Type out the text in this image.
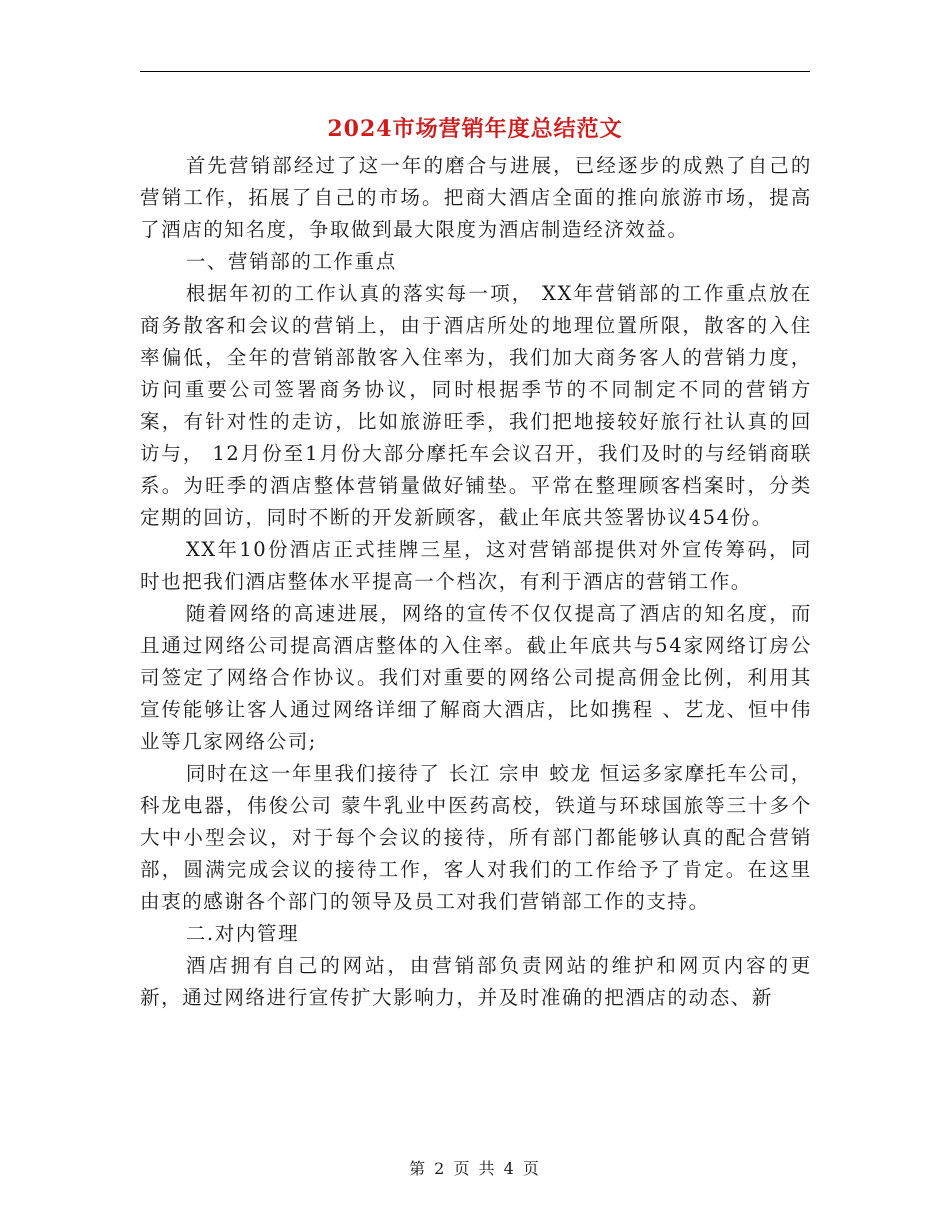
2024市场营销年度总结范文

首先营销部经过了这一年的磨合与进展，已经逐步的成熟了自己的营销工作，拓展了自己的市场。把商大酒店全面的推向旅游市场，提高了酒店的知名度，争取做到最大限度为酒店制造经济效益。

一、营销部的工作重点

根据年初的工作认真的落实每一项， XX年营销部的工作重点放在商务散客和会议的营销上，由于酒店所处的地理位置所限，散客的入住率偏低，全年的营销部散客入住率为，我们加大商务客人的营销力度，访问重要公司签署商务协议，同时根据季节的不同制定不同的营销方案，有针对性的走访，比如旅游旺季，我们把地接较好旅行社认真的回访与， 12月份至1月份大部分摩托车会议召开，我们及时的与经销商联系。为旺季的酒店整体营销量做好铺垫。平常在整理顾客档案时，分类定期的回访，同时不断的开发新顾客，截止年底共签署协议454份。

XX年10份酒店正式挂牌三星，这对营销部提供对外宣传筹码，同时也把我们酒店整体水平提高一个档次，有利于酒店的营销工作。

随着网络的高速进展，网络的宣传不仅仅提高了酒店的知名度，而且通过网络公司提高酒店整体的入住率。截止年底共与54家网络订房公司签定了网络合作协议。我们对重要的网络公司提高佣金比例，利用其宣传能够让客人通过网络详细了解商大酒店，比如携程 、艺龙、恒中伟业等几家网络公司;

同时在这一年里我们接待了 长江 宗申 蛟龙 恒运多家摩托车公司，科龙电器，伟俊公司 蒙牛乳业中医药高校，铁道与环球国旅等三十多个大中小型会议，对于每个会议的接待，所有部门都能够认真的配合营销部，圆满完成会议的接待工作，客人对我们的工作给予了肯定。在这里由衷的感谢各个部门的领导及员工对我们营销部工作的支持。

二.对内管理

酒店拥有自己的网站，由营销部负责网站的维护和网页内容的更新，通过网络进行宣传扩大影响力，并及时准确的把酒店的动态、新

第 2 页 共 4 页
